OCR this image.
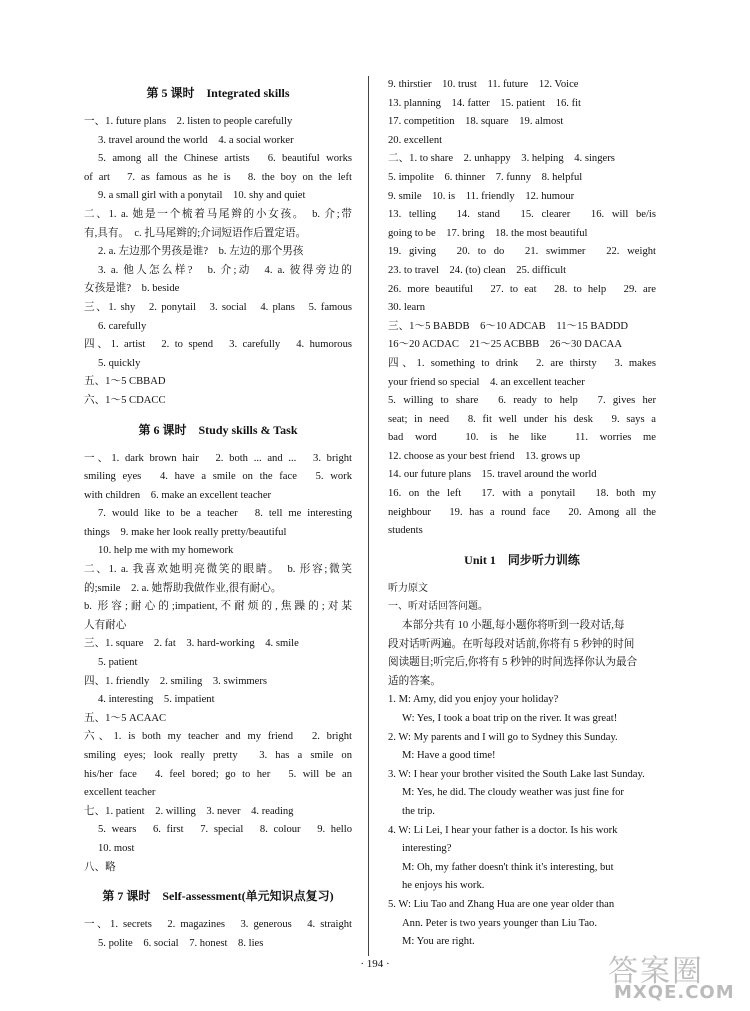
第 5 课时　Integrated skills
一、1. future plans　2. listen to people carefully
3. travel around the world　4. a social worker
5. among all the Chinese artists　6. beautiful works
of art　7. as famous as he is　8. the boy on the left
9. a small girl with a ponytail　10. shy and quiet
二、1. a. 她是一个梳着马尾辫的小女孩。　b. 介;带
有,具有。　c. 扎马尾辫的;介词短语作后置定语。
2. a. 左边那个男孩是谁?　b. 左边的那个男孩
3. a. 他人怎么样?　b. 介;动　4. a. 彼得旁边的
女孩是谁?　b. beside
三、1. shy　2. ponytail　3. social　4. plans　5. famous
6. carefully
四、1. artist　2. to spend　3. carefully　4. humorous
5. quickly
五、1～5 CBBAD
六、1～5 CDACC
第 6 课时　Study skills & Task
一、1. dark brown hair　2. both ... and ...　3. bright
smiling eyes　4. have a smile on the face　5. work
with children　6. make an excellent teacher
7. would like to be a teacher　8. tell me interesting
things　9. make her look really pretty/beautiful
10. help me with my homework
二、1. a. 我喜欢她明亮微笑的眼睛。　b. 形容;微笑
的;smile　2. a. 她帮助我做作业,很有耐心。
b. 形容;耐心的;impatient,不耐烦的,焦躁的;对某
人有耐心
三、1. square　2. fat　3. hard-working　4. smile
5. patient
四、1. friendly　2. smiling　3. swimmers
4. interesting　5. impatient
五、1～5 ACAAC
六、1. is both my teacher and my friend　2. bright
smiling eyes; look really pretty　3. has a smile on
his/her face　4. feel bored; go to her　5. will be an
excellent teacher
七、1. patient　2. willing　3. never　4. reading
5. wears　6. first　7. special　8. colour　9. hello
10. most
八、略
第 7 课时　Self-assessment(单元知识点复习)
一、1. secrets　2. magazines　3. generous　4. straight
5. polite　6. social　7. honest　8. lies
9. thirstier　10. trust　11. future　12. Voice
13. planning　14. fatter　15. patient　16. fit
17. competition　18. square　19. almost
20. excellent
二、1. to share　2. unhappy　3. helping　4. singers
5. impolite　6. thinner　7. funny　8. helpful
9. smile　10. is　11. friendly　12. humour
13. telling　14. stand　15. clearer　16. will be/is
going to be　17. bring　18. the most beautiful
19. giving　20. to do　21. swimmer　22. weight
23. to travel　24. (to) clean　25. difficult
26. more beautiful　27. to eat　28. to help　29. are
30. learn
三、1～5 BABDB　6～10 ADCAB　11～15 BADDD
16～20 ACDAC　21～25 ACBBB　26～30 DACAA
四、1. something to drink　2. are thirsty　3. makes
your friend so special　4. an excellent teacher
5. willing to share　6. ready to help　7. gives her
seat; in need　8. fit well under his desk　9. says a
bad word　10. is he like　11. worries me
12. choose as your best friend　13. grows up
14. our future plans　15. travel around the world
16. on the left　17. with a ponytail　18. both my
neighbour　19. has a round face　20. Among all the
students
Unit 1　同步听力训练
听力原文
一、听对话回答问题。
本部分共有 10 小题,每小题你将听到一段对话,每
段对话听两遍。在听每段对话前,你将有 5 秒钟的时间
阅读题目;听完后,你将有 5 秒钟的时间选择你认为最合
适的答案。
1. M: Amy, did you enjoy your holiday?
W: Yes, I took a boat trip on the river. It was great!
2. W: My parents and I will go to Sydney this Sunday.
M: Have a good time!
3. W: I hear your brother visited the South Lake last Sunday.
M: Yes, he did. The cloudy weather was just fine for
the trip.
4. W: Li Lei, I hear your father is a doctor. Is his work
interesting?
M: Oh, my father doesn't think it's interesting, but
he enjoys his work.
5. W: Liu Tao and Zhang Hua are one year older than
Ann. Peter is two years younger than Liu Tao.
M: You are right.
· 194 ·	答案圈
MXQE.COM
